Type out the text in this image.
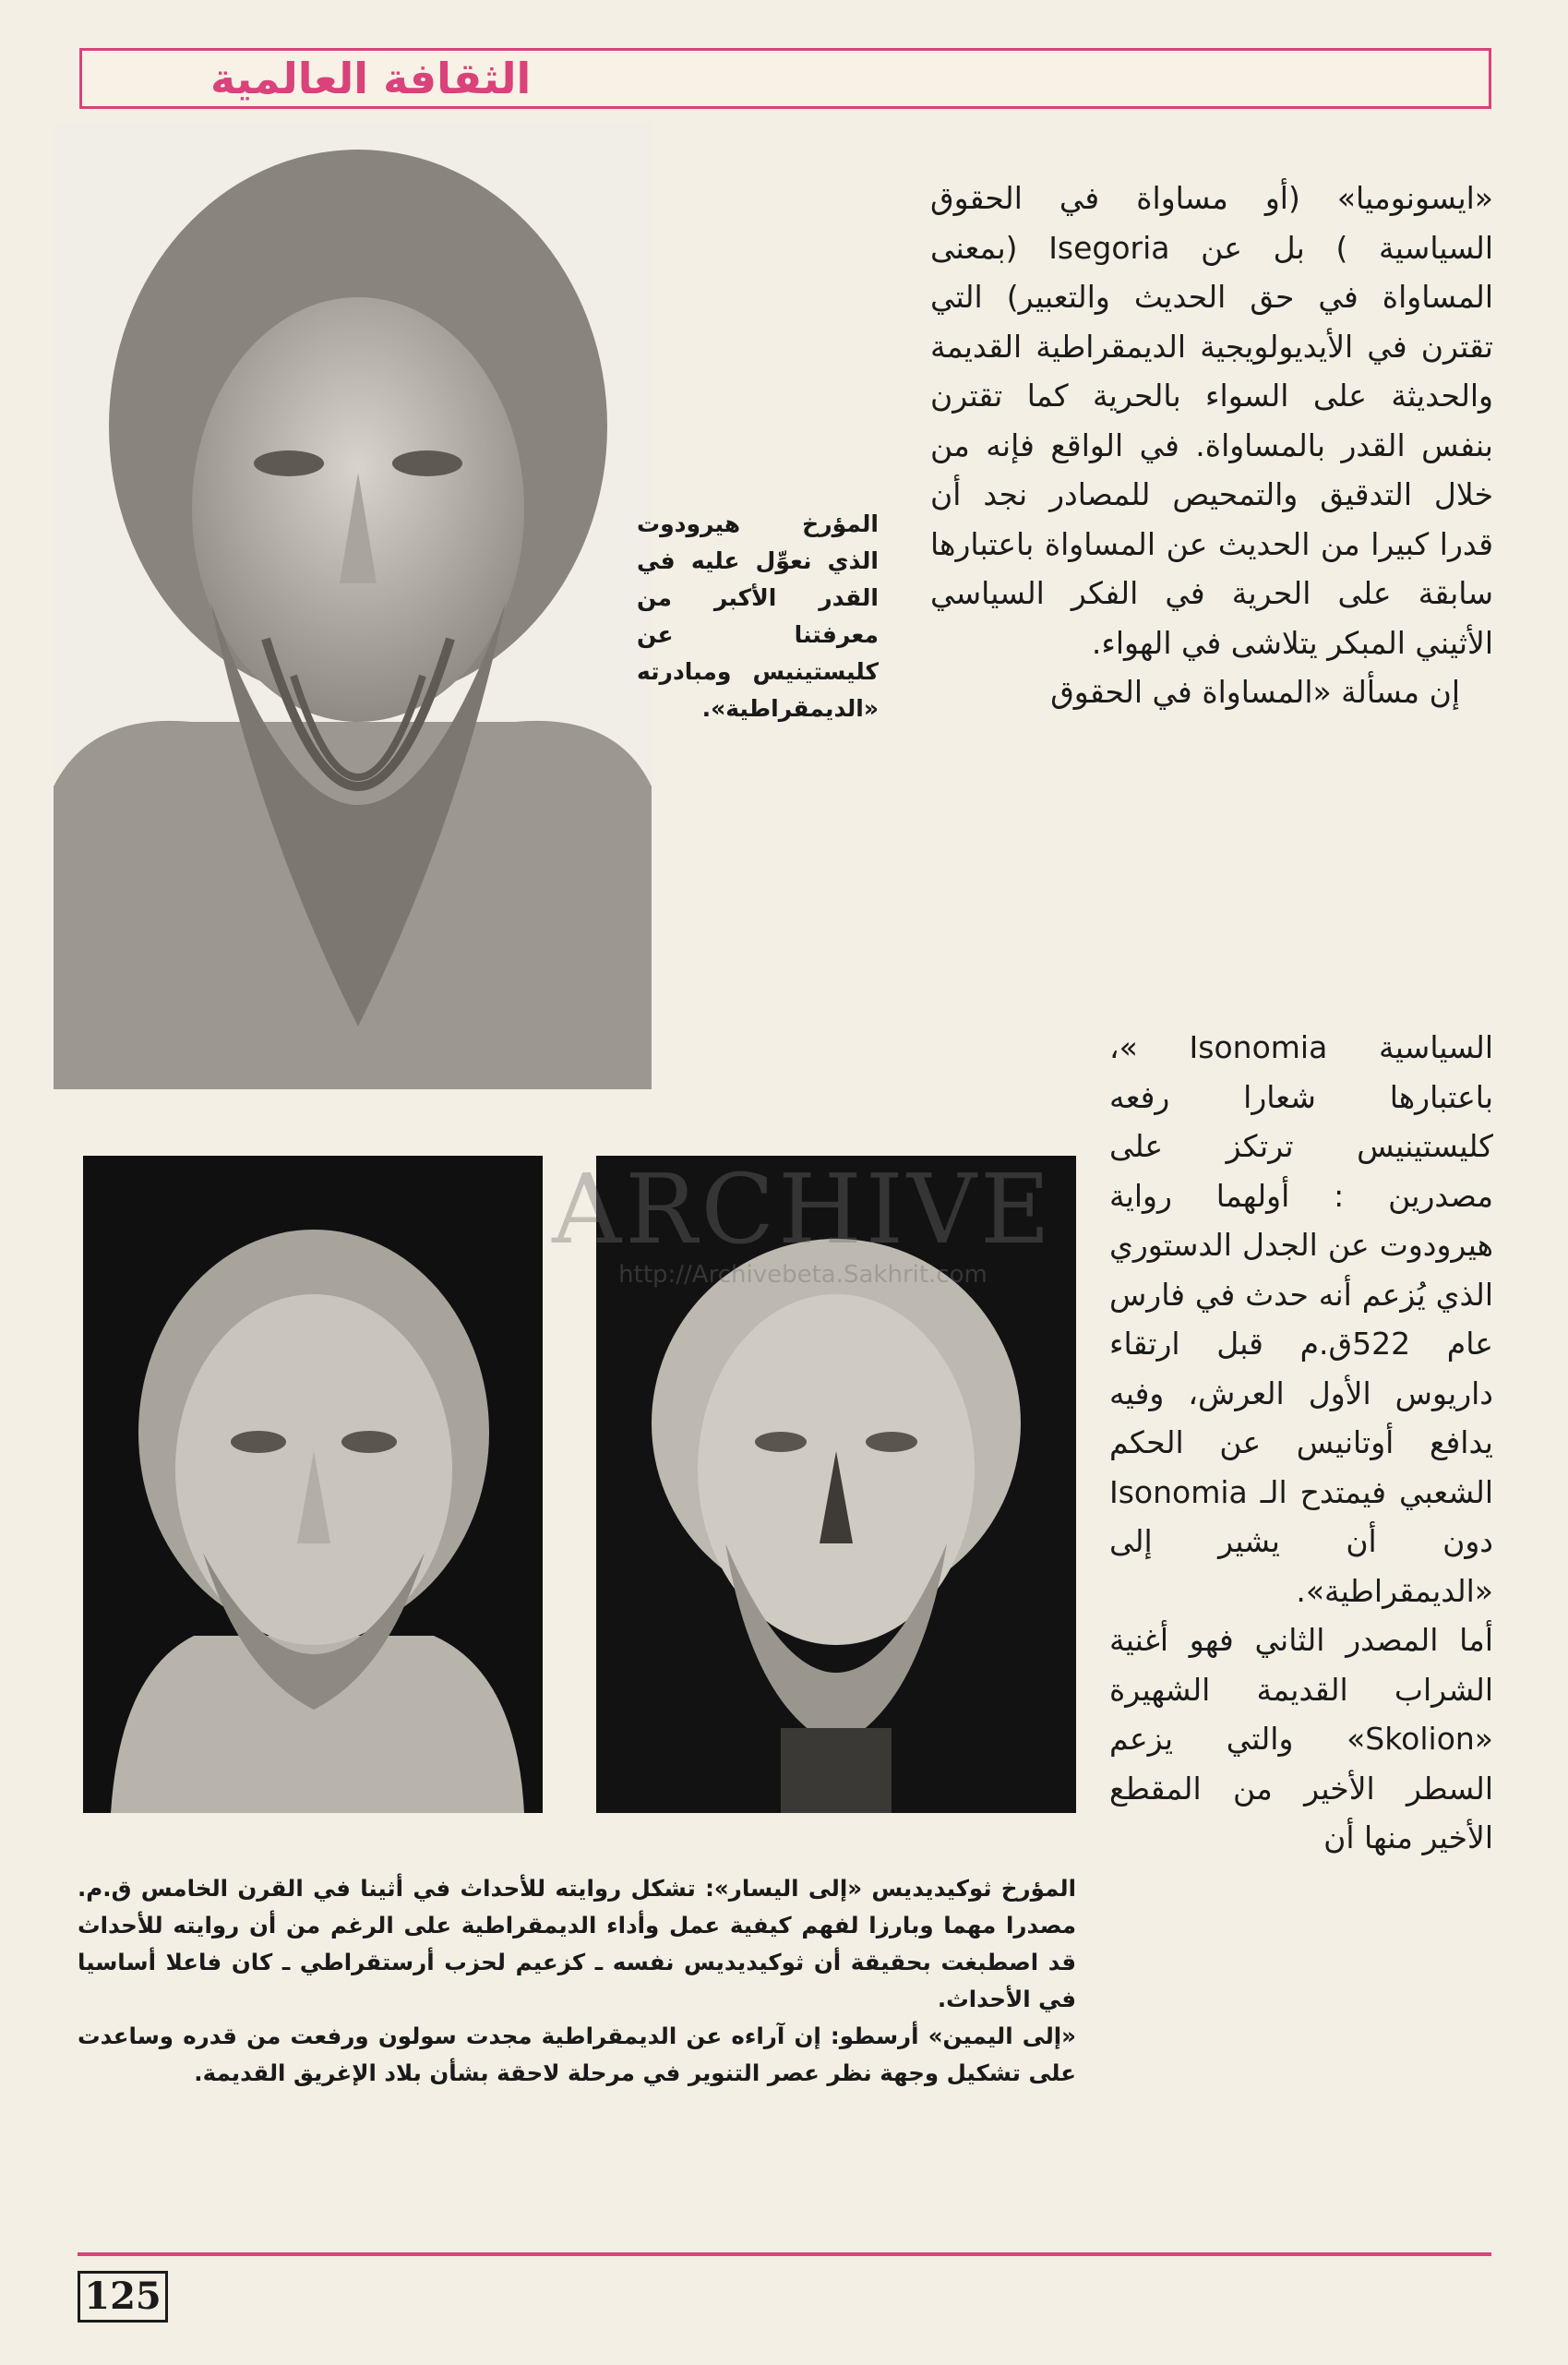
الثقافة العالمية
المؤرخ هيرودوت الذي نعوِّل عليه في القدر الأكبر من معرفتنا عن كليستينيس ومبادرته «الديمقراطية».
ARCHIVE
http://Archivebeta.Sakhrit.com

«ايسونوميا» (أو مساواة في الحقوق السياسية ) بل عن Isegoria (بمعنى المساواة في حق الحديث والتعبير) التي تقترن في الأيديولويجية الديمقراطية القديمة والحديثة على السواء بالحرية كما تقترن بنفس القدر بالمساواة. في الواقع فإنه من خلال التدقيق والتمحيص للمصادر نجد أن قدرا كبيرا من الحديث عن المساواة باعتبارها سابقة على الحرية في الفكر السياسي الأثيني المبكر يتلاشى في الهواء.

إن مسألة «المساواة في الحقوق

السياسية Isonomia »، باعتبارها شعارا رفعه كليستينيس ترتكز على مصدرين : أولهما رواية هيرودوت عن الجدل الدستوري الذي يُزعم أنه حدث في فارس عام 522ق.م قبل ارتقاء داريوس الأول العرش، وفيه يدافع أوتانيس عن الحكم الشعبي فيمتدح الـ Isonomia دون أن يشير إلى «الديمقراطية».

أما المصدر الثاني فهو أغنية الشراب القديمة الشهيرة «Skolion» والتي يزعم السطر الأخير من المقطع الأخير منها أن

المؤرخ ثوكيديديس «إلى اليسار»: تشكل روايته للأحداث في أثينا في القرن الخامس ق.م. مصدرا مهما وبارزا لفهم كيفية عمل وأداء الديمقراطية على الرغم من أن روايته للأحداث قد اصطبغت بحقيقة أن ثوكيديديس نفسه ـ كزعيم لحزب أرستقراطي ـ كان فاعلا أساسيا في الأحداث.

«إلى اليمين» أرسطو: إن آراءه عن الديمقراطية مجدت سولون ورفعت من قدره وساعدت على تشكيل وجهة نظر عصر التنوير في مرحلة لاحقة بشأن بلاد الإغريق القديمة.

125
